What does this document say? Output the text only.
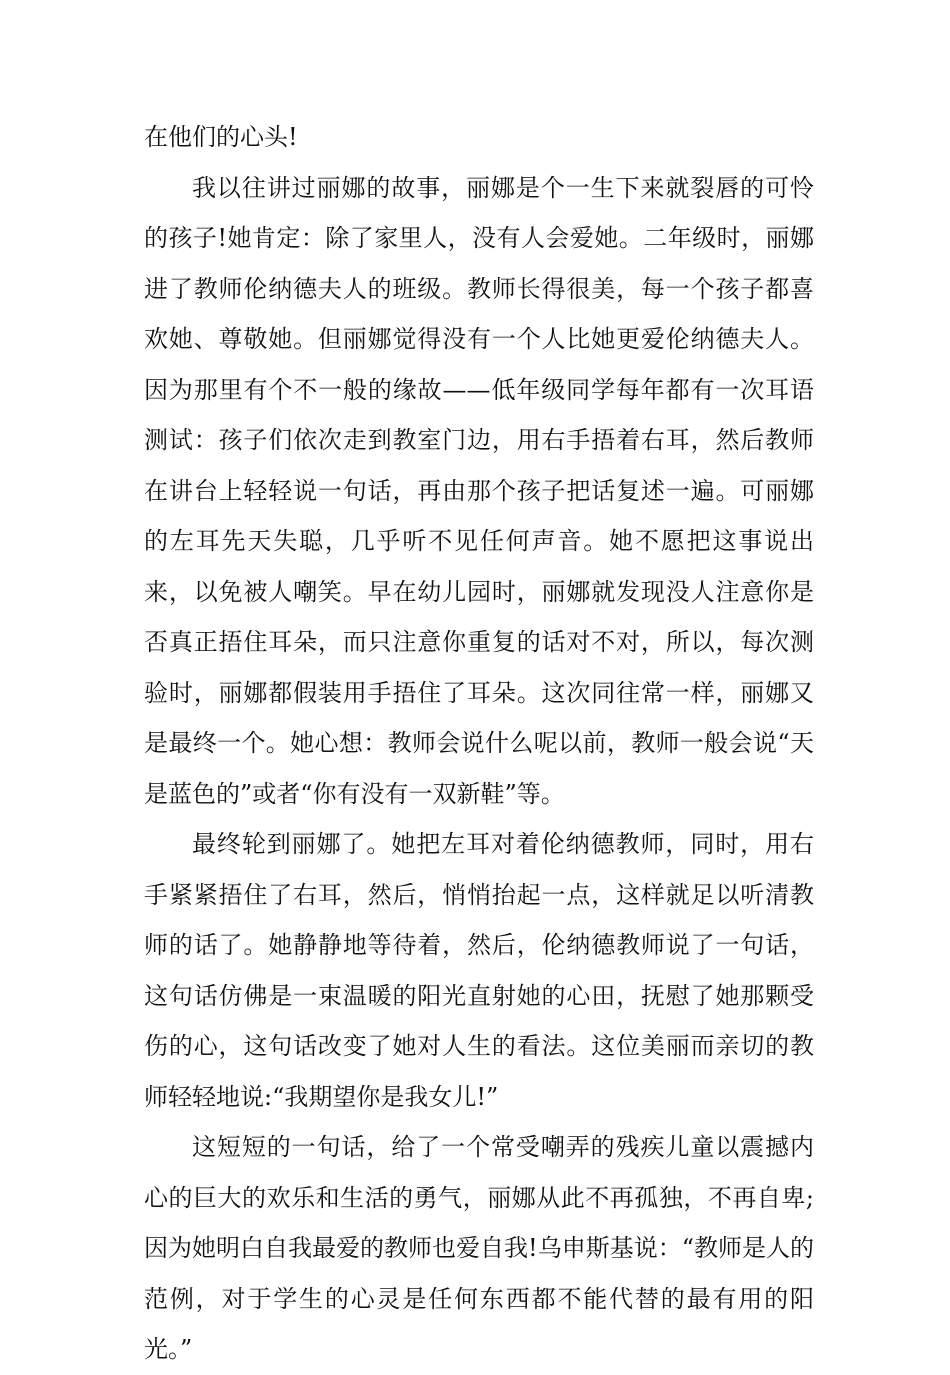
在他们的心头!

我以往讲过丽娜的故事，丽娜是个一生下来就裂唇的可怜的孩子!她肯定：除了家里人，没有人会爱她。二年级时，丽娜进了教师伦纳德夫人的班级。教师长得很美，每一个孩子都喜欢她、尊敬她。但丽娜觉得没有一个人比她更爱伦纳德夫人。因为那里有个不一般的缘故——低年级同学每年都有一次耳语测试：孩子们依次走到教室门边，用右手捂着右耳，然后教师在讲台上轻轻说一句话，再由那个孩子把话复述一遍。可丽娜的左耳先天失聪，几乎听不见任何声音。她不愿把这事说出来，以免被人嘲笑。早在幼儿园时，丽娜就发现没人注意你是否真正捂住耳朵，而只注意你重复的话对不对，所以，每次测验时，丽娜都假装用手捂住了耳朵。这次同往常一样，丽娜又是最终一个。她心想：教师会说什么呢以前，教师一般会说“天是蓝色的”或者“你有没有一双新鞋”等。

最终轮到丽娜了。她把左耳对着伦纳德教师，同时，用右手紧紧捂住了右耳，然后，悄悄抬起一点，这样就足以听清教师的话了。她静静地等待着，然后，伦纳德教师说了一句话，这句话仿佛是一束温暖的阳光直射她的心田，抚慰了她那颗受伤的心，这句话改变了她对人生的看法。这位美丽而亲切的教师轻轻地说:“我期望你是我女儿!”

这短短的一句话，给了一个常受嘲弄的残疾儿童以震撼内心的巨大的欢乐和生活的勇气，丽娜从此不再孤独，不再自卑;因为她明白自我最爱的教师也爱自我!乌申斯基说：“教师是人的范例，对于学生的心灵是任何东西都不能代替的最有用的阳光。”
